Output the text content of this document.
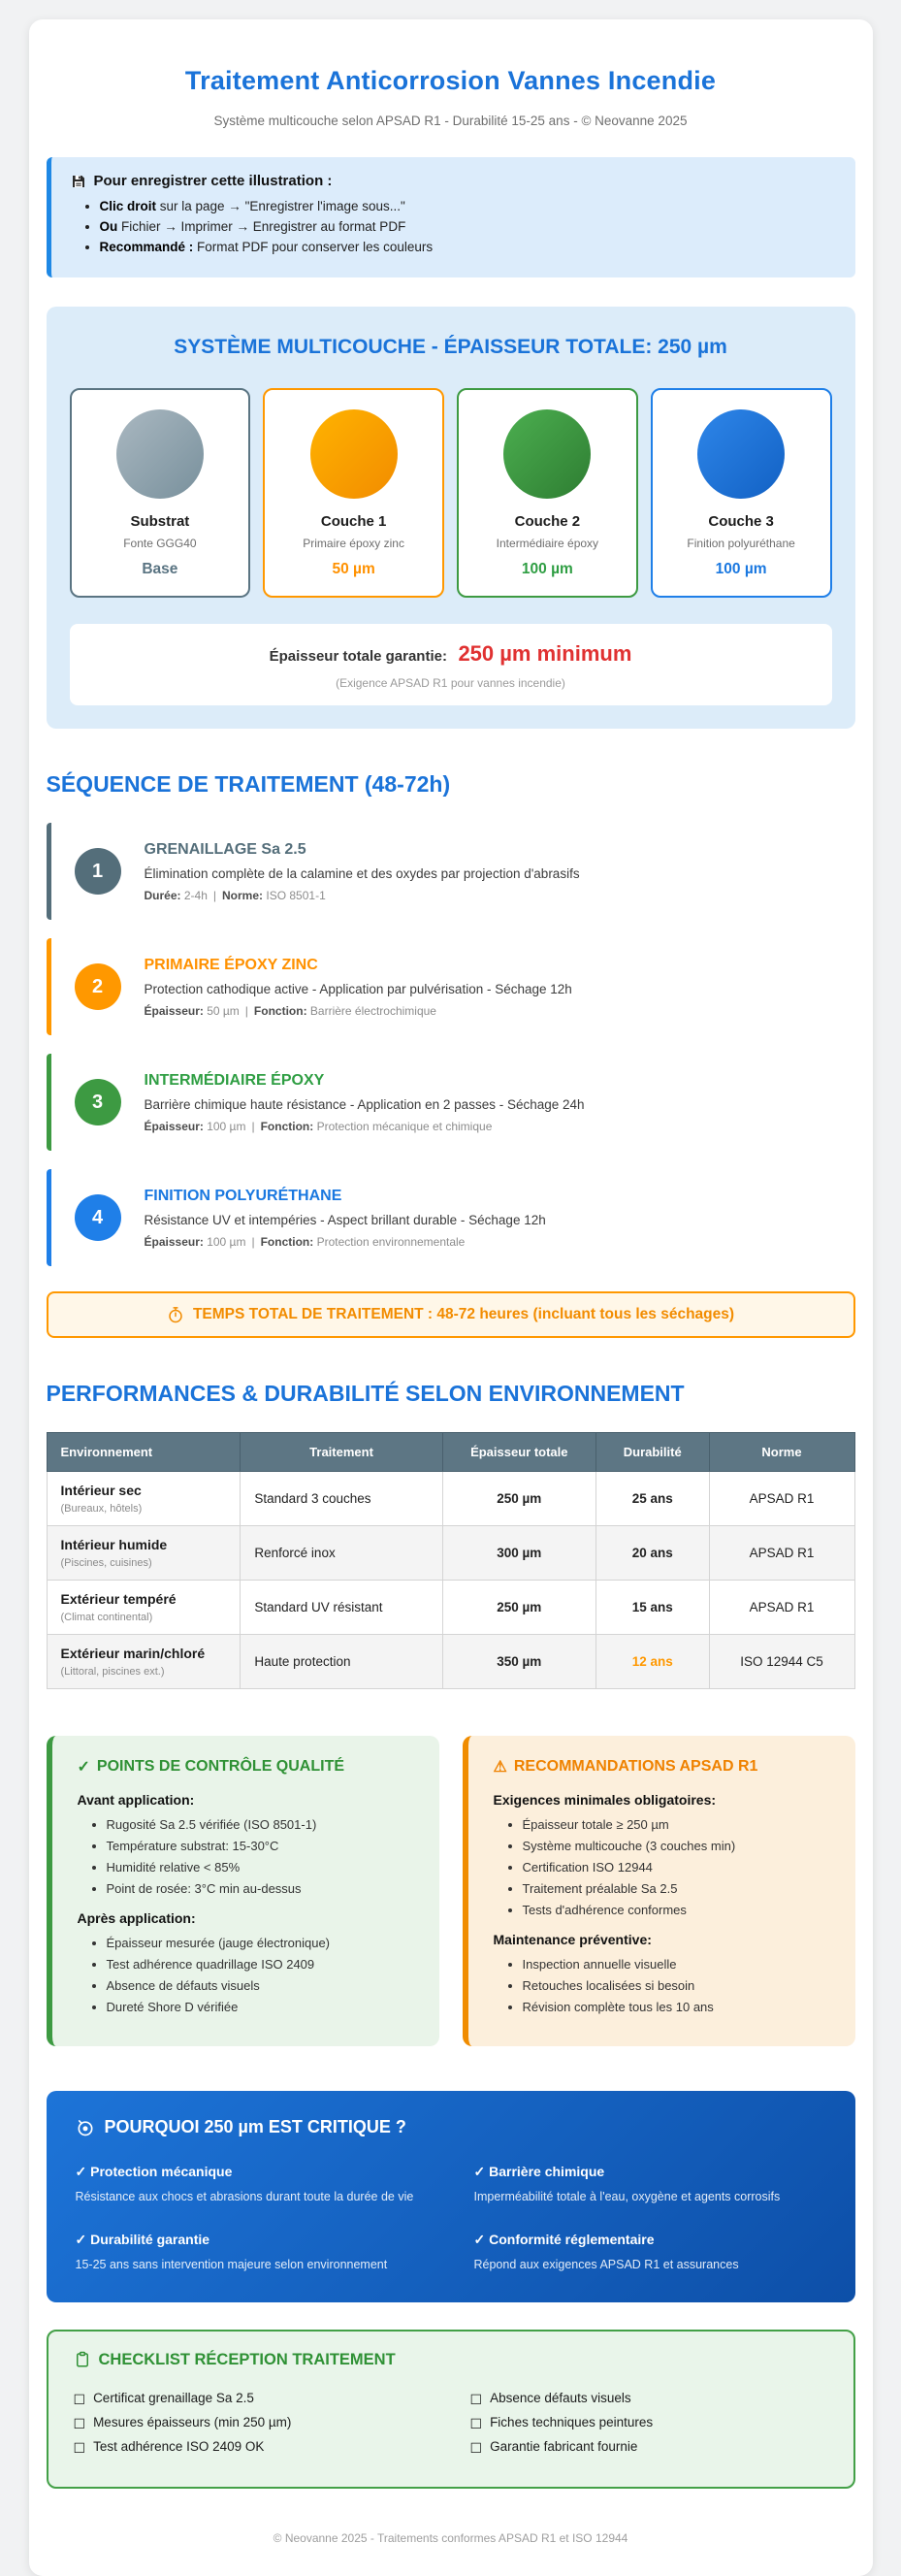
Traitement Anticorrosion Vannes Incendie
Système multicouche selon APSAD R1 - Durabilité 15-25 ans - © Neovanne 2025
Pour enregistrer cette illustration :
• Clic droit sur la page → "Enregistrer l'image sous..."
• Ou Fichier → Imprimer → Enregistrer au format PDF
• Recommandé : Format PDF pour conserver les couleurs
SYSTÈME MULTICOUCHE - ÉPAISSEUR TOTALE: 250 µm
Substrat
Fonte GGG40
Base
Couche 1
Primaire époxy zinc
50 µm
Couche 2
Intermédiaire époxy
100 µm
Couche 3
Finition polyuréthane
100 µm
Épaisseur totale garantie: 250 µm minimum
(Exigence APSAD R1 pour vannes incendie)
SÉQUENCE DE TRAITEMENT (48-72h)
1
GRENAILLAGE Sa 2.5
Élimination complète de la calamine et des oxydes par projection d'abrasifs
Durée: 2-4h | Norme: ISO 8501-1
2
PRIMAIRE ÉPOXY ZINC
Protection cathodique active - Application par pulvérisation - Séchage 12h
Épaisseur: 50 µm | Fonction: Barrière électrochimique
3
INTERMÉDIAIRE ÉPOXY
Barrière chimique haute résistance - Application en 2 passes - Séchage 24h
Épaisseur: 100 µm | Fonction: Protection mécanique et chimique
4
FINITION POLYURÉTHANE
Résistance UV et intempéries - Aspect brillant durable - Séchage 12h
Épaisseur: 100 µm | Fonction: Protection environnementale
TEMPS TOTAL DE TRAITEMENT : 48-72 heures (incluant tous les séchages)
PERFORMANCES & DURABILITÉ SELON ENVIRONNEMENT
Environnement	Traitement	Épaisseur totale	Durabilité	Norme

Intérieur sec
(Bureaux, hôtels)	Standard 3 couches	250 µm	25 ans	APSAD R1

Intérieur humide
(Piscines, cuisines)	Renforcé inox	300 µm	20 ans	APSAD R1

Extérieur tempéré
(Climat continental)	Standard UV résistant	250 µm	15 ans	APSAD R1

Extérieur marin/chloré
(Littoral, piscines ext.)	Haute protection	350 µm	12 ans	ISO 12944 C5
✓ POINTS DE CONTRÔLE QUALITÉ
Avant application:
• Rugosité Sa 2.5 vérifiée (ISO 8501-1)
• Température substrat: 15-30°C
• Humidité relative < 85%
• Point de rosée: 3°C min au-dessus
Après application:
• Épaisseur mesurée (jauge électronique)
• Test adhérence quadrillage ISO 2409
• Absence de défauts visuels
• Dureté Shore D vérifiée
⚠ RECOMMANDATIONS APSAD R1
Exigences minimales obligatoires:
• Épaisseur totale ≥ 250 µm
• Système multicouche (3 couches min)
• Certification ISO 12944
• Traitement préalable Sa 2.5
• Tests d'adhérence conformes
Maintenance préventive:
• Inspection annuelle visuelle
• Retouches localisées si besoin
• Révision complète tous les 10 ans
POURQUOI 250 µm EST CRITIQUE ?
✓ Protection mécanique
Résistance aux chocs et abrasions durant toute la durée de vie
✓ Barrière chimique
Imperméabilité totale à l'eau, oxygène et agents corrosifs
✓ Durabilité garantie
15-25 ans sans intervention majeure selon environnement
✓ Conformité réglementaire
Répond aux exigences APSAD R1 et assurances
CHECKLIST RÉCEPTION TRAITEMENT
☐ Certificat grenaillage Sa 2.5
☐ Mesures épaisseurs (min 250 µm)
☐ Test adhérence ISO 2409 OK
☐ Absence défauts visuels
☐ Fiches techniques peintures
☐ Garantie fabricant fournie
© Neovanne 2025 - Traitements conformes APSAD R1 et ISO 12944
